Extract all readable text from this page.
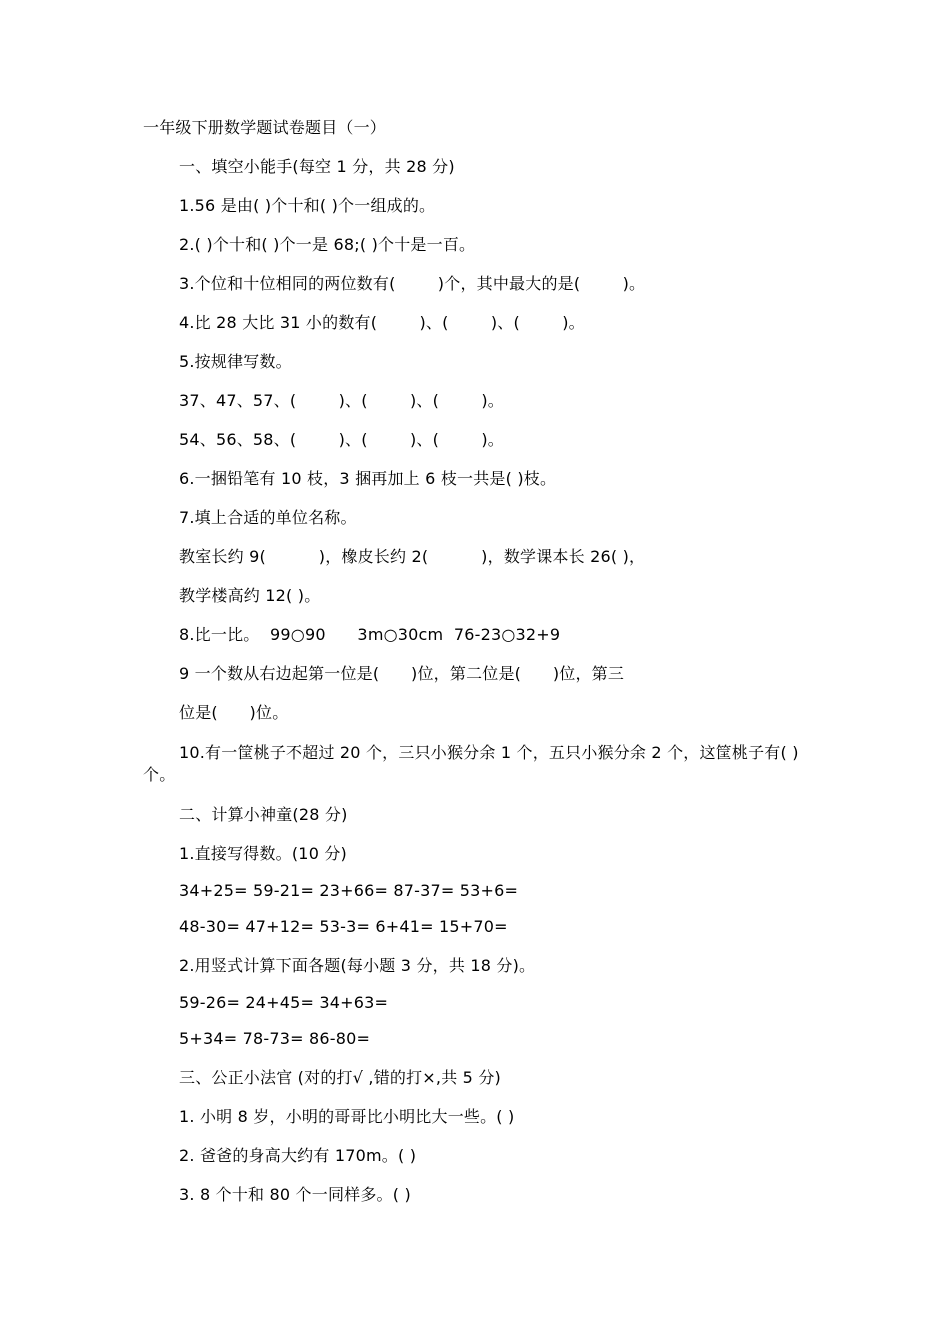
一年级下册数学题试卷题目（一）
一、填空小能手(每空 1 分，共 28 分)
1.56 是由( )个十和( )个一组成的。
2.( )个十和( )个一是 68;( )个十是一百。
3.个位和十位相同的两位数有(        )个，其中最大的是(        )。
4.比 28 大比 31 小的数有(        )、(        )、(        )。
5.按规律写数。
37、47、57、(        )、(        )、(        )。
54、56、58、(        )、(        )、(        )。
6.一捆铅笔有 10 枝，3 捆再加上 6 枝一共是( )枝。
7.填上合适的单位名称。
教室长约 9(          )，橡皮长约 2(          )，数学课本长 26( )，
教学楼高约 12( )。
8.比一比。  99○90      3m○30cm  76-23○32+9
9 一个数从右边起第一位是(      )位，第二位是(      )位，第三
位是(      )位。
10.有一筐桃子不超过 20 个，三只小猴分余 1 个，五只小猴分余 2 个，这筐桃子有( )个。
二、计算小神童(28 分)
1.直接写得数。(10 分)
34+25= 59-21= 23+66= 87-37= 53+6=
48-30= 47+12= 53-3= 6+41= 15+70=
2.用竖式计算下面各题(每小题 3 分，共 18 分)。
59-26= 24+45= 34+63=
5+34= 78-73= 86-80=
三、公正小法官 (对的打√ ,错的打×,共 5 分)
1. 小明 8 岁，小明的哥哥比小明比大一些。( )
2. 爸爸的身高大约有 170m。( )
3. 8 个十和 80 个一同样多。( )
